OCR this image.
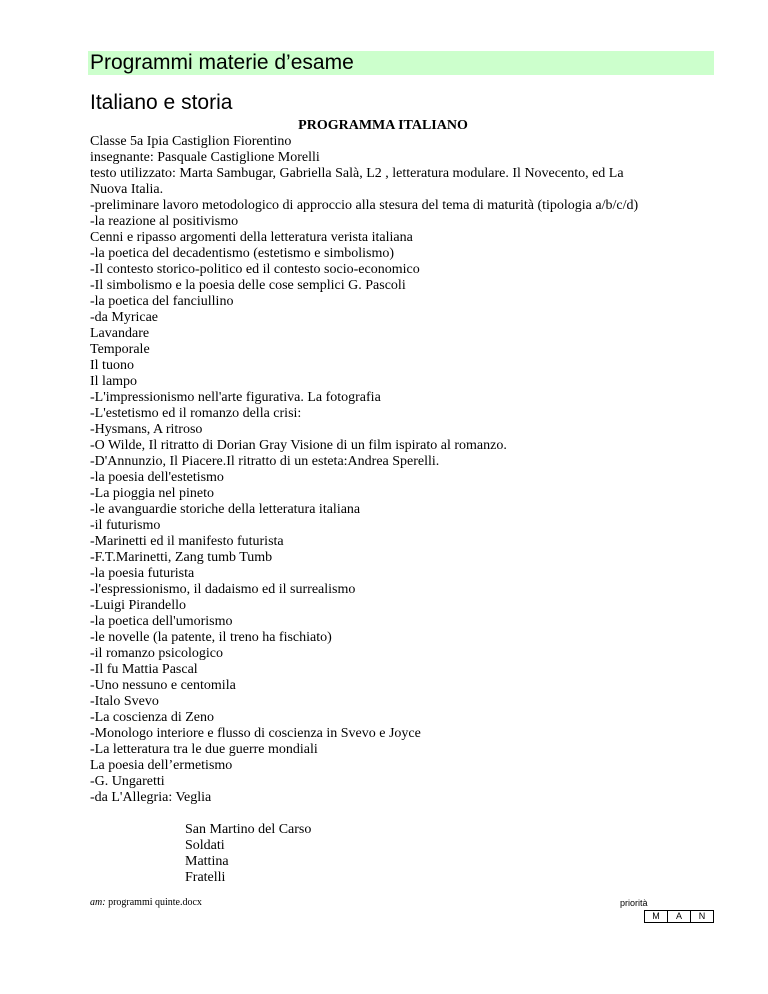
Programmi materie d’esame
Italiano e storia
PROGRAMMA ITALIANO
Classe 5a Ipia Castiglion Fiorentino
insegnante: Pasquale Castiglione Morelli
testo utilizzato: Marta Sambugar, Gabriella Salà, L2 , letteratura modulare. Il Novecento, ed La
Nuova Italia.
-preliminare lavoro metodologico di approccio alla stesura del tema di maturità (tipologia a/b/c/d)
-la reazione al positivismo
Cenni e ripasso argomenti della letteratura verista italiana
-la poetica del decadentismo (estetismo e simbolismo)
-Il contesto storico-politico ed il contesto socio-economico
-Il simbolismo e la poesia delle cose semplici G. Pascoli
-la poetica del fanciullino
-da Myricae
Lavandare
Temporale
Il tuono
Il lampo
-L'impressionismo nell'arte figurativa. La fotografia
-L'estetismo ed il romanzo della crisi:
-Hysmans, A ritroso
-O Wilde, Il ritratto di Dorian Gray Visione di un film ispirato al romanzo.
-D'Annunzio, Il Piacere.Il ritratto di un esteta:Andrea Sperelli.
-la poesia dell'estetismo
-La pioggia nel pineto
-le avanguardie storiche della letteratura italiana
-il futurismo
-Marinetti ed il manifesto futurista
-F.T.Marinetti, Zang tumb Tumb
-la poesia futurista
-l'espressionismo, il dadaismo ed il surrealismo
-Luigi Pirandello
-la poetica dell'umorismo
-le novelle (la patente, il treno ha fischiato)
-il romanzo psicologico
-Il fu Mattia Pascal
-Uno nessuno e centomila
-Italo Svevo
-La coscienza di Zeno
-Monologo interiore e flusso di coscienza in Svevo e Joyce
-La letteratura tra le due guerre mondiali
La poesia dell’ermetismo
-G. Ungaretti
-da L'Allegria: Veglia
San Martino del Carso
Soldati
Mattina
Fratelli
am: programmi quinte.docx	priorità
M	A	N
